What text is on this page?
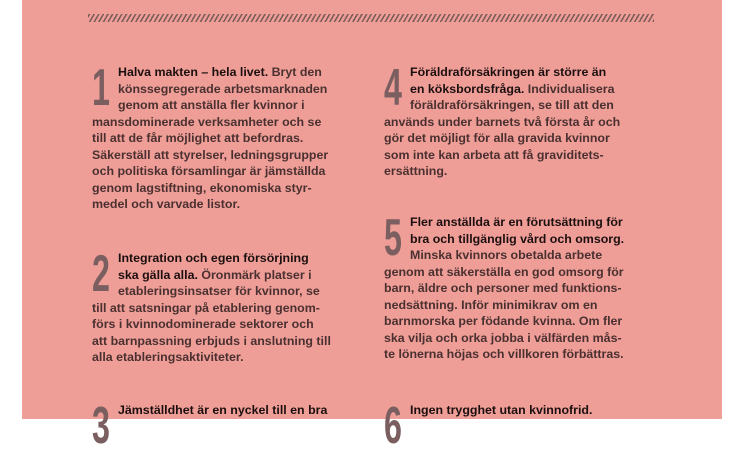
1 Halva makten – hela livet. Bryt den
könssegregerade arbetsmarknaden
genom att anställa fler kvinnor i
mansdominerade verksamheter och se
till att de får möjlighet att befordras.
Säkerställ att styrelser, ledningsgrupper
och politiska församlingar är jämställda
genom lagstiftning, ekonomiska styr-
medel och varvade listor.
2 Integration och egen försörjning
ska gälla alla. Öronmärk platser i
etableringsinsatser för kvinnor, se
till att satsningar på etablering genom-
förs i kvinnodominerade sektorer och
att barnpassning erbjuds i anslutning till
alla etableringsaktiviteter.
3 Jämställdhet är en nyckel till en bra
4 Föräldraförsäkringen är större än
en köksbordsfråga. Individualisera
föräldraförsäkringen, se till att den
används under barnets två första år och
gör det möjligt för alla gravida kvinnor
som inte kan arbeta att få graviditets-
ersättning.
5 Fler anställda är en förutsättning för
bra och tillgänglig vård och omsorg.
Minska kvinnors obetalda arbete
genom att säkerställa en god omsorg för
barn, äldre och personer med funktions-
nedsättning. Inför minimikrav om en
barnmorska per födande kvinna. Om fler
ska vilja och orka jobba i välfärden mås-
te lönerna höjas och villkoren förbättras.
6 Ingen trygghet utan kvinnofrid.
